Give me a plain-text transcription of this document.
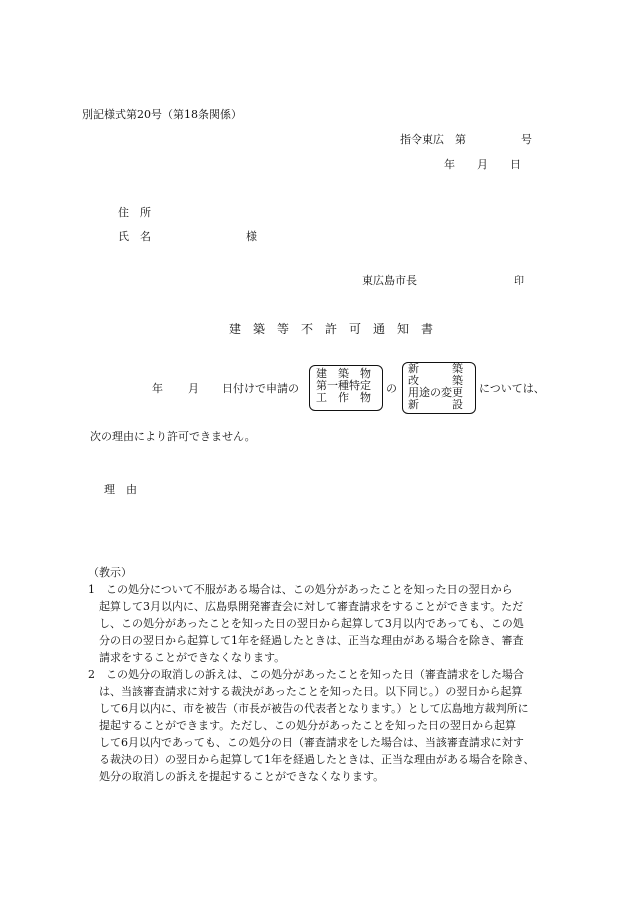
別記様式第20号（第18条関係）
指令東広　第　　　　　号
年　　月　　日
住　所
氏　名	様
東広島市長	印
建　築　等　不　許　可　通　知　書
年 月 日付けで申請の
建　築　物
第一種特定
工　作　物
の
新　　　築
改　　　築
用途の変更
新　　　設
については、
次の理由により許可できません。
理　由
（教示）
1　この処分について不服がある場合は、この処分があったことを知った日の翌日から
　起算して3月以内に、広島県開発審査会に対して審査請求をすることができます。ただ
　し、この処分があったことを知った日の翌日から起算して3月以内であっても、この処
　分の日の翌日から起算して1年を経過したときは、正当な理由がある場合を除き、審査
　請求をすることができなくなります。
2　この処分の取消しの訴えは、この処分があったことを知った日（審査請求をした場合
　は、当該審査請求に対する裁決があったことを知った日。以下同じ。）の翌日から起算
　して6月以内に、市を被告（市長が被告の代表者となります。）として広島地方裁判所に
　提起することができます。ただし、この処分があったことを知った日の翌日から起算
　して6月以内であっても、この処分の日（審査請求をした場合は、当該審査請求に対す
　る裁決の日）の翌日から起算して1年を経過したときは、正当な理由がある場合を除き、
　処分の取消しの訴えを提起することができなくなります。
